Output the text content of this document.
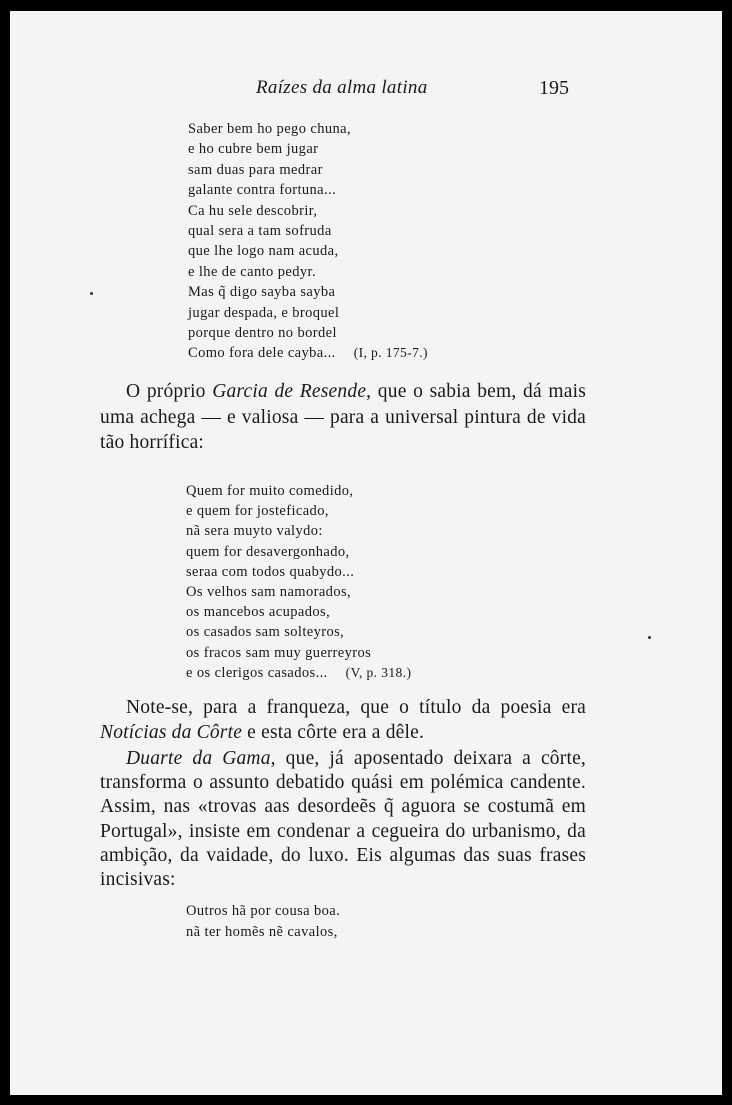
Raízes da alma latina	195
Saber bem ho pego chuna,
e ho cubre bem jugar
sam duas para medrar
galante contra fortuna...
Ca hu sele descobrir,
qual sera a tam sofruda
que lhe logo nam acuda,
e lhe de canto pedyr.
Mas q̃ digo sayba sayba
jugar despada, e broquel
porque dentro no bordel
Como fora dele cayba... (I, p. 175-7.)
O próprio Garcia de Resende, que o sabia bem, dá mais
uma achega — e valiosa — para a universal pintura de vida
tão horrífica:
Quem for muito comedido,
e quem for josteficado,
nã sera muyto valydo:
quem for desavergonhado,
seraa com todos quabydo...
Os velhos sam namorados,
os mancebos acupados,
os casados sam solteyros,
os fracos sam muy guerreyros
e os clerigos casados... (V, p. 318.)
Note-se, para a franqueza, que o título da poesia era
Notícias da Côrte e esta côrte era a dêle.
Duarte da Gama, que, já aposentado deixara a côrte,
transforma o assunto debatido quási em polémica candente.
Assim, nas «trovas aas desordeẽs q̃ aguora se costumã em
Portugal», insiste em condenar a cegueira do urbanismo, da
ambição, da vaidade, do luxo. Eis algumas das suas frases
incisivas:
Outros hã por cousa boa.
nã ter homẽs nẽ cavalos,
